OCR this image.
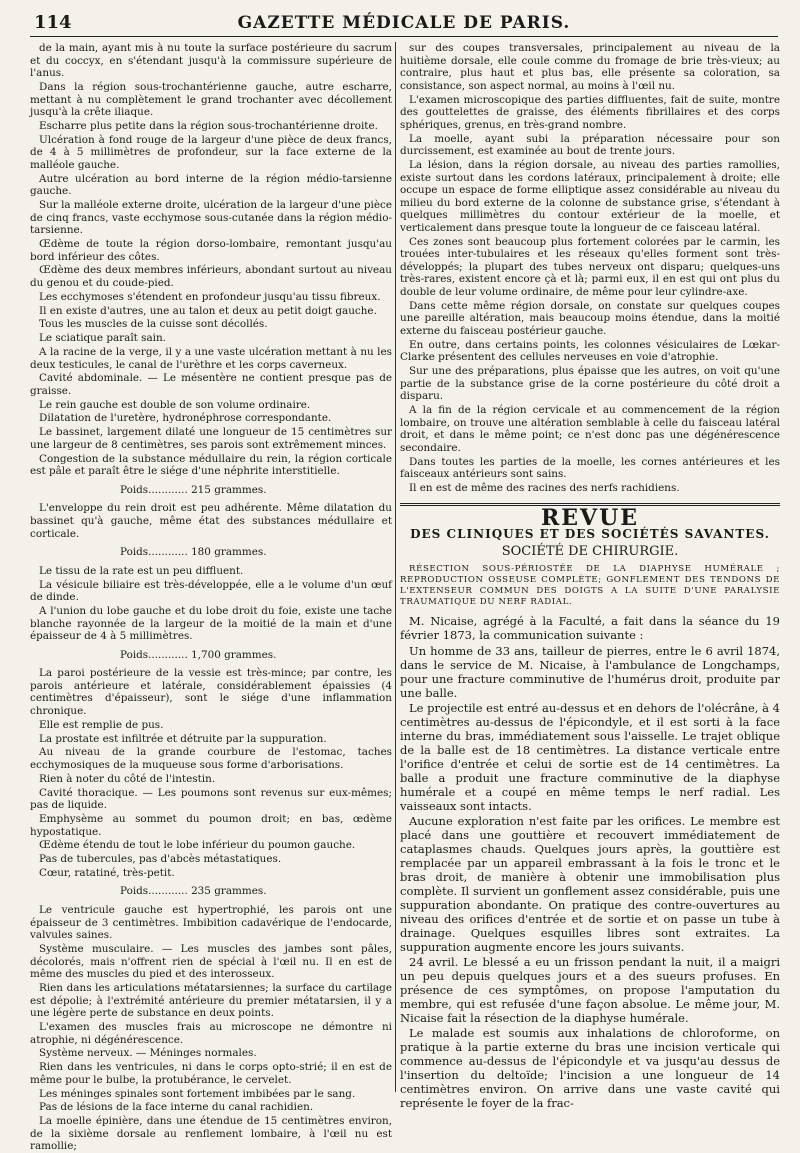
114	GAZETTE MÉDICALE DE PARIS.
de la main, ayant mis à nu toute la surface postérieure du sacrum et du coccyx, en s'étendant jusqu'à la commissure supérieure de l'anus.
Dans la région sous-trochantérienne gauche, autre escharre, mettant à nu complètement le grand trochanter avec décollement jusqu'à la crête iliaque.
Escharre plus petite dans la région sous-trochantérienne droite.
Ulcération à fond rouge de la largeur d'une pièce de deux francs, de 4 à 5 millimètres de profondeur, sur la face externe de la malléole gauche.
Autre ulcération au bord interne de la région médio-tarsienne gauche.
Sur la malléole externe droite, ulcération de la largeur d'une pièce de cinq francs, vaste ecchymose sous-cutanée dans la région médio-tarsienne.
Œdème de toute la région dorso-lombaire, remontant jusqu'au bord inférieur des côtes.
Œdème des deux membres inférieurs, abondant surtout au niveau du genou et du coude-pied.
Les ecchymoses s'étendent en profondeur jusqu'au tissu fibreux.
Il en existe d'autres, une au talon et deux au petit doigt gauche.
Tous les muscles de la cuisse sont décollés.
Le sciatique paraît sain.
A la racine de la verge, il y a une vaste ulcération mettant à nu les deux testicules, le canal de l'urèthre et les corps caverneux.
Cavité abdominale. — Le mésentère ne contient presque pas de graisse.
Le rein gauche est double de son volume ordinaire.
Dilatation de l'uretère, hydronéphrose correspondante.
Le bassinet, largement dilaté une longueur de 15 centimètres sur une largeur de 8 centimètres, ses parois sont extrêmement minces.
Congestion de la substance médullaire du rein, la région corticale est pâle et paraît être le siége d'une néphrite interstitielle.
Poids............ 215 grammes.
L'enveloppe du rein droit est peu adhérente. Même dilatation du bassinet qu'à gauche, même état des substances médullaire et corticale.
Poids............ 180 grammes.
Le tissu de la rate est un peu diffluent.
La vésicule biliaire est très-développée, elle a le volume d'un œuf de dinde.
A l'union du lobe gauche et du lobe droit du foie, existe une tache blanche rayonnée de la largeur de la moitié de la main et d'une épaisseur de 4 à 5 millimètres.
Poids............ 1,700 grammes.
La paroi postérieure de la vessie est très-mince; par contre, les parois antérieure et latérale, considérablement épaissies (4 centimètres d'épaisseur), sont le siége d'une inflammation chronique.
Elle est remplie de pus.
La prostate est infiltrée et détruite par la suppuration.
Au niveau de la grande courbure de l'estomac, taches ecchymosiques de la muqueuse sous forme d'arborisations.
Rien à noter du côté de l'intestin.
Cavité thoracique. — Les poumons sont revenus sur eux-mêmes; pas de liquide.
Emphysème au sommet du poumon droit; en bas, œdème hypostatique.
Œdème étendu de tout le lobe inférieur du poumon gauche.
Pas de tubercules, pas d'abcès métastatiques.
Cœur, ratatiné, très-petit.
Poids............ 235 grammes.
Le ventricule gauche est hypertrophié, les parois ont une épaisseur de 3 centimètres. Imbibition cadavérique de l'endocarde, valvules saines.
Système musculaire. — Les muscles des jambes sont pâles, décolorés, mais n'offrent rien de spécial à l'œil nu. Il en est de même des muscles du pied et des interosseux.
Rien dans les articulations métatarsiennes; la surface du cartilage est dépolie; à l'extrémité antérieure du premier métatarsien, il y a une légère perte de substance en deux points.
L'examen des muscles frais au microscope ne démontre ni atrophie, ni dégénérescence.
Système nerveux. — Méninges normales.
Rien dans les ventricules, ni dans le corps opto-strié; il en est de même pour le bulbe, la protubérance, le cervelet.
Les méninges spinales sont fortement imbibées par le sang.
Pas de lésions de la face interne du canal rachidien.
La moelle épinière, dans une étendue de 15 centimètres environ, de la sixième dorsale au renflement lombaire, à l'œil nu est ramollie;
sur des coupes transversales, principalement au niveau de la huitième dorsale, elle coule comme du fromage de brie très-vieux; au contraire, plus haut et plus bas, elle présente sa coloration, sa consistance, son aspect normal, au moins à l'œil nu.
L'examen microscopique des parties diffluentes, fait de suite, montre des gouttelettes de graisse, des éléments fibrillaires et des corps sphériques, grenus, en très-grand nombre.
La moelle, ayant subi la préparation nécessaire pour son durcissement, est examinée au bout de trente jours.
La lésion, dans la région dorsale, au niveau des parties ramollies, existe surtout dans les cordons latéraux, principalement à droite; elle occupe un espace de forme elliptique assez considérable au niveau du milieu du bord externe de la colonne de substance grise, s'étendant à quelques millimètres du contour extérieur de la moelle, et verticalement dans presque toute la longueur de ce faisceau latéral.
Ces zones sont beaucoup plus fortement colorées par le carmin, les trouées inter-tubulaires et les réseaux qu'elles forment sont très-développés; la plupart des tubes nerveux ont disparu; quelques-uns très-rares, existent encore çà et là; parmi eux, il en est qui ont plus du double de leur volume ordinaire, de même pour leur cylindre-axe.
Dans cette même région dorsale, on constate sur quelques coupes une pareille altération, mais beaucoup moins étendue, dans la moitié externe du faisceau postérieur gauche.
En outre, dans certains points, les colonnes vésiculaires de Lœkar-Clarke présentent des cellules nerveuses en voie d'atrophie.
Sur une des préparations, plus épaisse que les autres, on voit qu'une partie de la substance grise de la corne postérieure du côté droit a disparu.
A la fin de la région cervicale et au commencement de la région lombaire, on trouve une altération semblable à celle du faisceau latéral droit, et dans le même point; ce n'est donc pas une dégénérescence secondaire.
Dans toutes les parties de la moelle, les cornes antérieures et les faisceaux antérieurs sont sains.
Il en est de même des racines des nerfs rachidiens.
REVUE
DES CLINIQUES ET DES SOCIÉTÉS SAVANTES.
SOCIÉTÉ DE CHIRURGIE.
RÉSECTION SOUS-PÉRIOSTÉE DE LA DIAPHYSE HUMÉRALE ; REPRODUCTION OSSEUSE COMPLÈTE; GONFLEMENT DES TENDONS DE L'EXTENSEUR COMMUN DES DOIGTS A LA SUITE D'UNE PARALYSIE TRAUMATIQUE DU NERF RADIAL.
M. Nicaise, agrégé à la Faculté, a fait dans la séance du 19 février 1873, la communication suivante :
Un homme de 33 ans, tailleur de pierres, entre le 6 avril 1874, dans le service de M. Nicaise, à l'ambulance de Longchamps, pour une fracture comminutive de l'humérus droit, produite par une balle.
Le projectile est entré au-dessus et en dehors de l'olécrâne, à 4 centimètres au-dessus de l'épicondyle, et il est sorti à la face interne du bras, immédiatement sous l'aisselle. Le trajet oblique de la balle est de 18 centimètres. La distance verticale entre l'orifice d'entrée et celui de sortie est de 14 centimètres. La balle a produit une fracture comminutive de la diaphyse humérale et a coupé en même temps le nerf radial. Les vaisseaux sont intacts.
Aucune exploration n'est faite par les orifices. Le membre est placé dans une gouttière et recouvert immédiatement de cataplasmes chauds. Quelques jours après, la gouttière est remplacée par un appareil embrassant à la fois le tronc et le bras droit, de manière à obtenir une immobilisation plus complète. Il survient un gonflement assez considérable, puis une suppuration abondante. On pratique des contre-ouvertures au niveau des orifices d'entrée et de sortie et on passe un tube à drainage. Quelques esquilles libres sont extraites. La suppuration augmente encore les jours suivants.
24 avril. Le blessé a eu un frisson pendant la nuit, il a maigri un peu depuis quelques jours et a des sueurs profuses. En présence de ces symptômes, on propose l'amputation du membre, qui est refusée d'une façon absolue. Le même jour, M. Nicaise fait la résection de la diaphyse humérale.
Le malade est soumis aux inhalations de chloroforme, on pratique à la partie externe du bras une incision verticale qui commence au-dessus de l'épicondyle et va jusqu'au dessus de l'insertion du deltoïde; l'incision a une longueur de 14 centimètres environ. On arrive dans une vaste cavité qui représente le foyer de la frac-
